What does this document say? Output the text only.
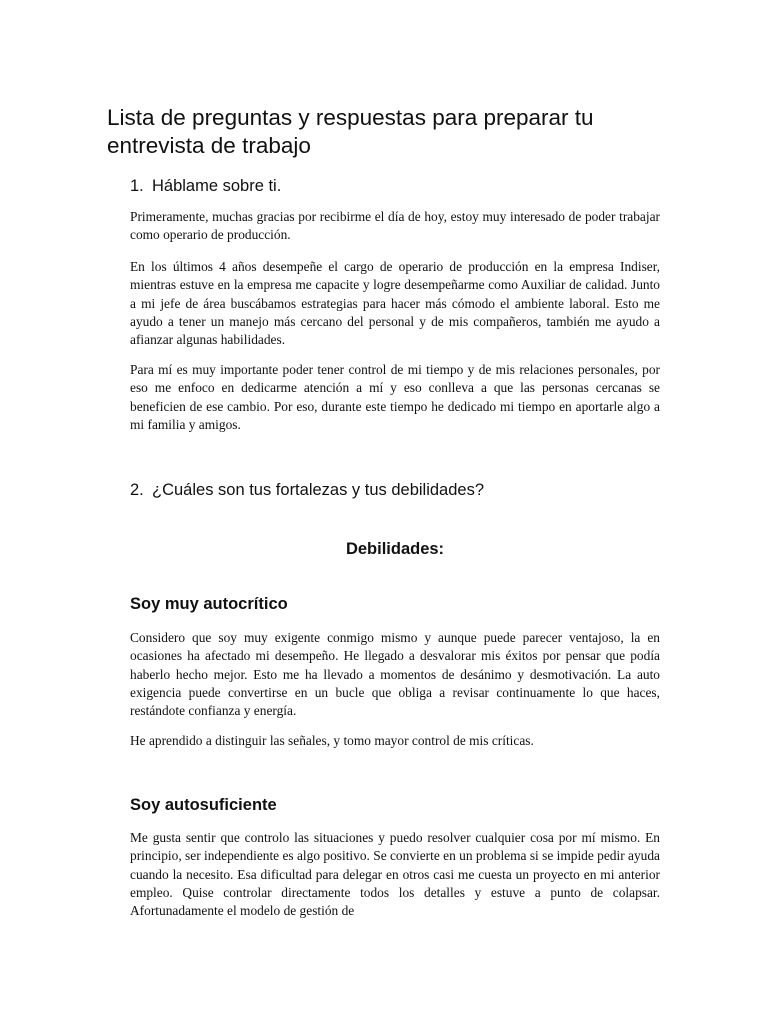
Lista de preguntas y respuestas para preparar tu entrevista de trabajo
1. Háblame sobre ti.

Primeramente, muchas gracias por recibirme el día de hoy, estoy muy interesado de poder trabajar como operario de producción.

En los últimos 4 años desempeñe el cargo de operario de producción en la empresa Indiser, mientras estuve en la empresa me capacite y logre desempeñarme como Auxiliar de calidad. Junto a mi jefe de área buscábamos estrategias para hacer más cómodo el ambiente laboral. Esto me ayudo a tener un manejo más cercano del personal y de mis compañeros, también me ayudo a afianzar algunas habilidades.

Para mí es muy importante poder tener control de mi tiempo y de mis relaciones personales, por eso me enfoco en dedicarme atención a mí y eso conlleva a que las personas cercanas se beneficien de ese cambio. Por eso, durante este tiempo he dedicado mi tiempo en aportarle algo a mi familia y amigos.

2. ¿Cuáles son tus fortalezas y tus debilidades?
Debilidades:
Soy muy autocrítico

Considero que soy muy exigente conmigo mismo y aunque puede parecer ventajoso, la en ocasiones ha afectado mi desempeño. He llegado a desvalorar mis éxitos por pensar que podía haberlo hecho mejor. Esto me ha llevado a momentos de desánimo y desmotivación. La auto exigencia puede convertirse en un bucle que obliga a revisar continuamente lo que haces, restándote confianza y energía.

He aprendido a distinguir las señales, y tomo mayor control de mis críticas.

Soy autosuficiente

Me gusta sentir que controlo las situaciones y puedo resolver cualquier cosa por mí mismo. En principio, ser independiente es algo positivo. Se convierte en un problema si se impide pedir ayuda cuando la necesito. Esa dificultad para delegar en otros casi me cuesta un proyecto en mi anterior empleo. Quise controlar directamente todos los detalles y estuve a punto de colapsar. Afortunadamente el modelo de gestión de
